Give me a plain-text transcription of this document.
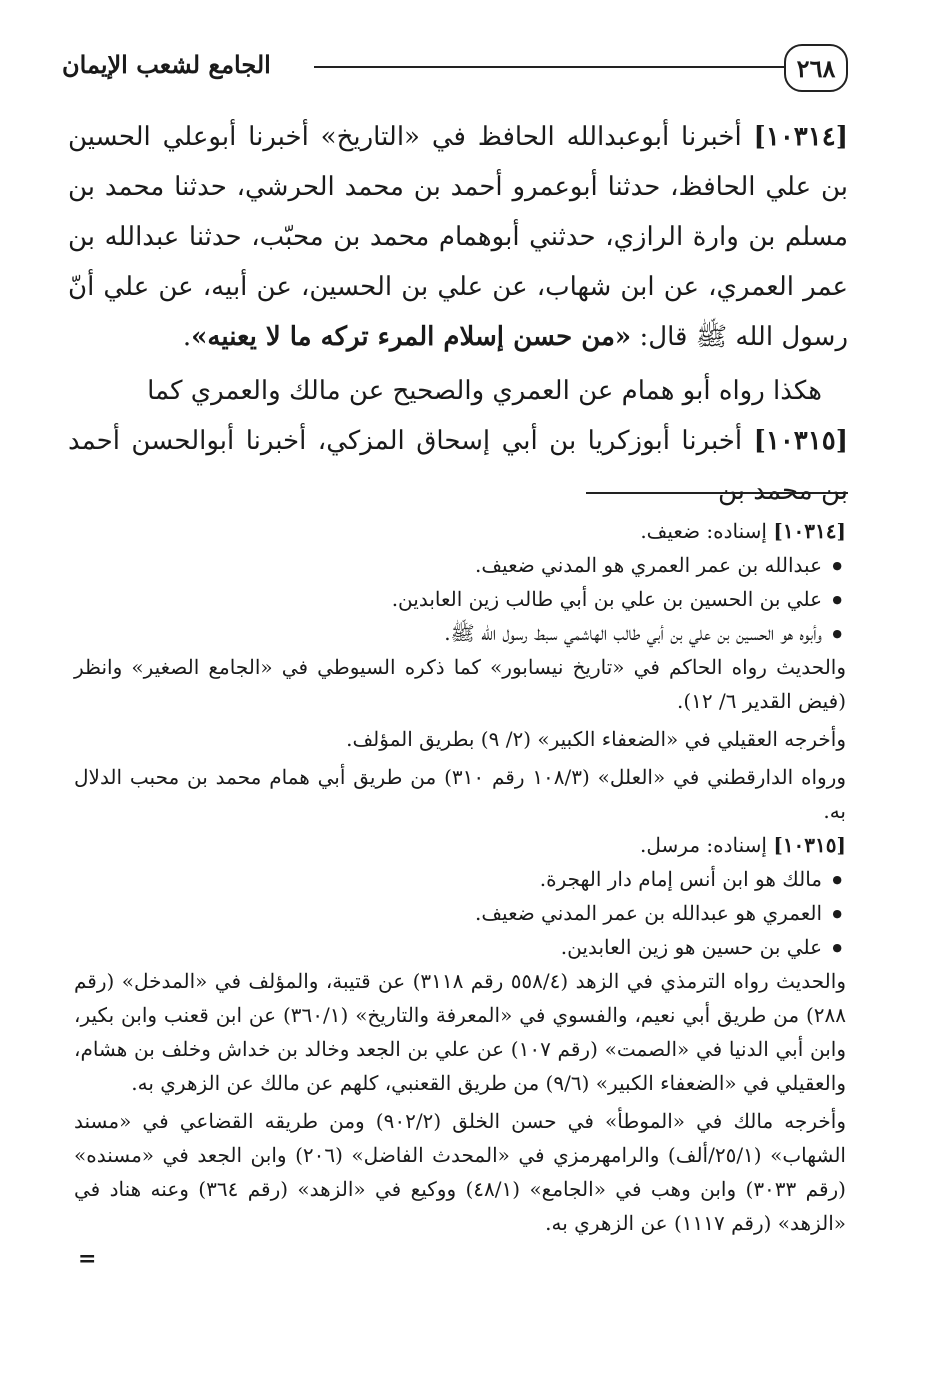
٢٦٨
الجامع لشعب الإيمان

[١٠٣١٤] أخبرنا أبوعبدالله الحافظ في «التاريخ» أخبرنا أبوعلي الحسين بن علي الحافظ، حدثنا أبوعمرو أحمد بن محمد الحرشي، حدثنا محمد بن مسلم بن وارة الرازي، حدثني أبوهمام محمد بن محبّب، حدثنا عبدالله بن عمر العمري، عن ابن شهاب، عن علي بن الحسين، عن أبيه، عن علي أنّ رسول الله ﷺ قال: «من حسن إسلام المرء تركه ما لا يعنيه».

هكذا رواه أبو همام عن العمري والصحيح عن مالك والعمري كما

[١٠٣١٥] أخبرنا أبوزكريا بن أبي إسحاق المزكي، أخبرنا أبوالحسن أحمد بن محمد بن

[١٠٣١٤] إسناده: ضعيف.

● عبدالله بن عمر العمري هو المدني ضعيف.

● علي بن الحسين بن علي بن أبي طالب زين العابدين.

● وأبوه هو الحسين بن علي بن أبي طالب الهاشمي سبط رسول الله ﷺ.

والحديث رواه الحاكم في «تاريخ نيسابور» كما ذكره السيوطي في «الجامع الصغير» وانظر (فيض القدير ٦/ ١٢).

وأخرجه العقيلي في «الضعفاء الكبير» (٢/ ٩) بطريق المؤلف.

ورواه الدارقطني في «العلل» (١٠٨/٣ رقم ٣١٠) من طريق أبي همام محمد بن محبب الدلال به.

[١٠٣١٥] إسناده: مرسل.

● مالك هو ابن أنس إمام دار الهجرة.

● العمري هو عبدالله بن عمر المدني ضعيف.

● علي بن حسين هو زين العابدين.

والحديث رواه الترمذي في الزهد (٥٥٨/٤ رقم ٣١١٨) عن قتيبة، والمؤلف في «المدخل» (رقم ٢٨٨) من طريق أبي نعيم، والفسوي في «المعرفة والتاريخ» (٣٦٠/١) عن ابن قعنب وابن بكير، وابن أبي الدنيا في «الصمت» (رقم ١٠٧) عن علي بن الجعد وخالد بن خداش وخلف بن هشام، والعقيلي في «الضعفاء الكبير» (٩/٦) من طريق القعنبي، كلهم عن مالك عن الزهري به.

وأخرجه مالك في «الموطأ» في حسن الخلق (٩٠٢/٢) ومن طريقه القضاعي في «مسند الشهاب» (٢٥/١/ألف) والرامهرمزي في «المحدث الفاضل» (٢٠٦) وابن الجعد في «مسنده» (رقم ٣٠٣٣) وابن وهب في «الجامع» (٤٨/١) ووكيع في «الزهد» (رقم ٣٦٤) وعنه هناد في «الزهد» (رقم ١١١٧) عن الزهري به.

=
